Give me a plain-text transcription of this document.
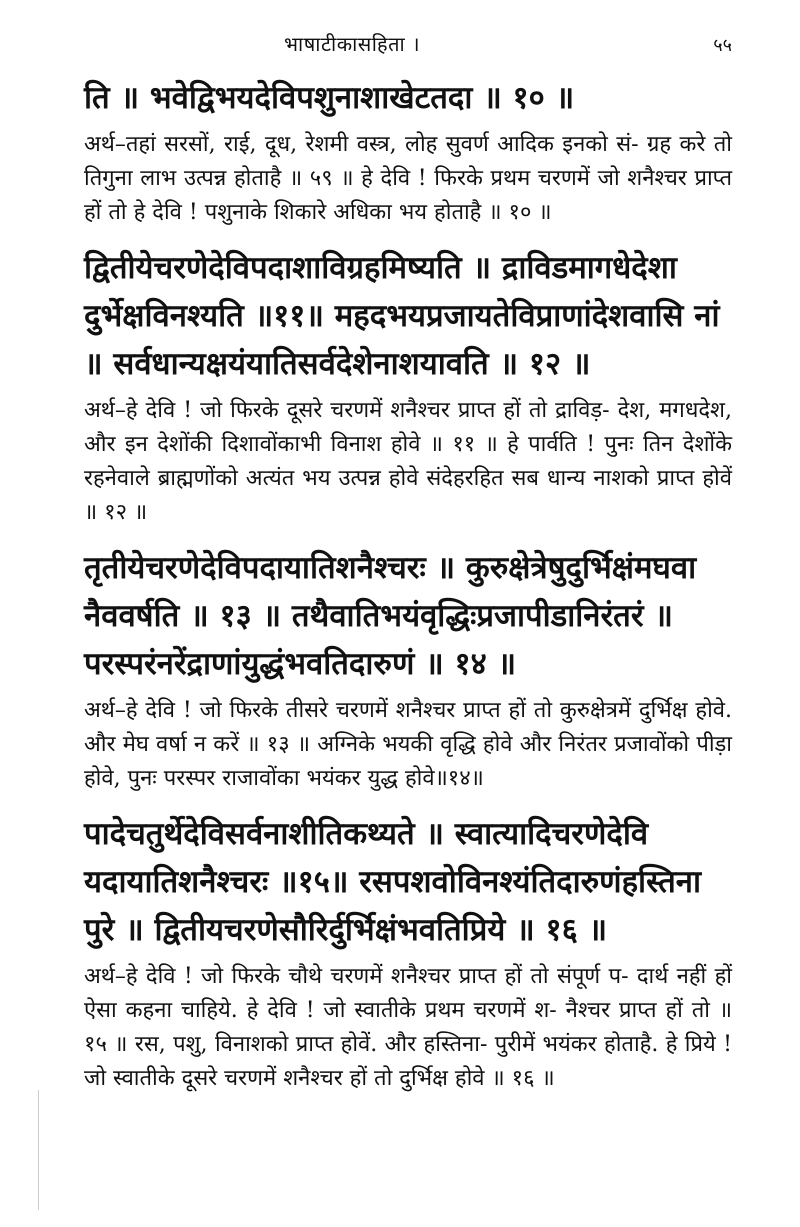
भाषाटीकासहिता ।	५५
ति ॥ भवेद्विभयदेविपशुनाशाखेटतदा ॥ १० ॥
अर्थ–तहां सरसों, राई, दूध, रेशमी वस्त्र, लोह सुवर्ण आदिक इनको सं- ग्रह करे तो तिगुना लाभ उत्पन्न होताहै ॥ ५९ ॥ हे देवि ! फिरके प्रथम चरणमें जो शनैश्चर प्राप्त हों तो हे देवि ! पशुनाके शिकारे अधिका भय होताहै ॥ १० ॥
द्वितीयेचरणेदेविपदाशाविग्रहमिष्यति ॥ द्राविडमागधेदेशा दुर्भेक्षविनश्यति ॥११॥ महदभयप्रजायतेविप्राणांदेशवासि नां ॥ सर्वधान्यक्षयंयातिसर्वदेशेनाशयावति ॥ १२ ॥
अर्थ–हे देवि ! जो फिरके दूसरे चरणमें शनैश्चर प्राप्त हों तो द्राविड़- देश, मगधदेश, और इन देशोंकी दिशावोंकाभी विनाश होवे ॥ ११ ॥ हे पार्वति ! पुनः तिन देशोंके रहनेवाले ब्राह्मणोंको अत्यंत भय उत्पन्न होवे संदेहरहित सब धान्य नाशको प्राप्त होवें ॥ १२ ॥
तृतीयेचरणेदेविपदायातिशनैश्चरः ॥ कुरुक्षेत्रेषुदुर्भिक्षंमघवा नैववर्षति ॥ १३ ॥ तथैवातिभयंवृद्धिःप्रजापीडानिरंतरं ॥ परस्परंनरेंद्राणांयुद्धंभवतिदारुणं ॥ १४ ॥
अर्थ–हे देवि ! जो फिरके तीसरे चरणमें शनैश्चर प्राप्त हों तो कुरुक्षेत्रमें दुर्भिक्ष होवे. और मेघ वर्षा न करें ॥ १३ ॥ अग्निके भयकी वृद्धि होवे और निरंतर प्रजावोंको पीड़ा होवे, पुनः परस्पर राजावोंका भयंकर युद्ध होवे॥१४॥
पादेचतुर्थेदेविसर्वनाशीतिकथ्यते ॥ स्वात्यादिचरणेदेवि यदायातिशनैश्चरः ॥१५॥ रसपशवोविनश्यंतिदारुणंहस्तिना पुरे ॥ द्वितीयचरणेसौरिर्दुर्भिक्षंभवतिप्रिये ॥ १६ ॥
अर्थ–हे देवि ! जो फिरके चौथे चरणमें शनैश्चर प्राप्त हों तो संपूर्ण प- दार्थ नहीं हों ऐसा कहना चाहिये. हे देवि ! जो स्वातीके प्रथम चरणमें श- नैश्चर प्राप्त हों तो ॥ १५ ॥ रस, पशु, विनाशको प्राप्त होवें. और हस्तिना- पुरीमें भयंकर होताहै. हे प्रिये ! जो स्वातीके दूसरे चरणमें शनैश्चर हों तो दुर्भिक्ष होवे ॥ १६ ॥
